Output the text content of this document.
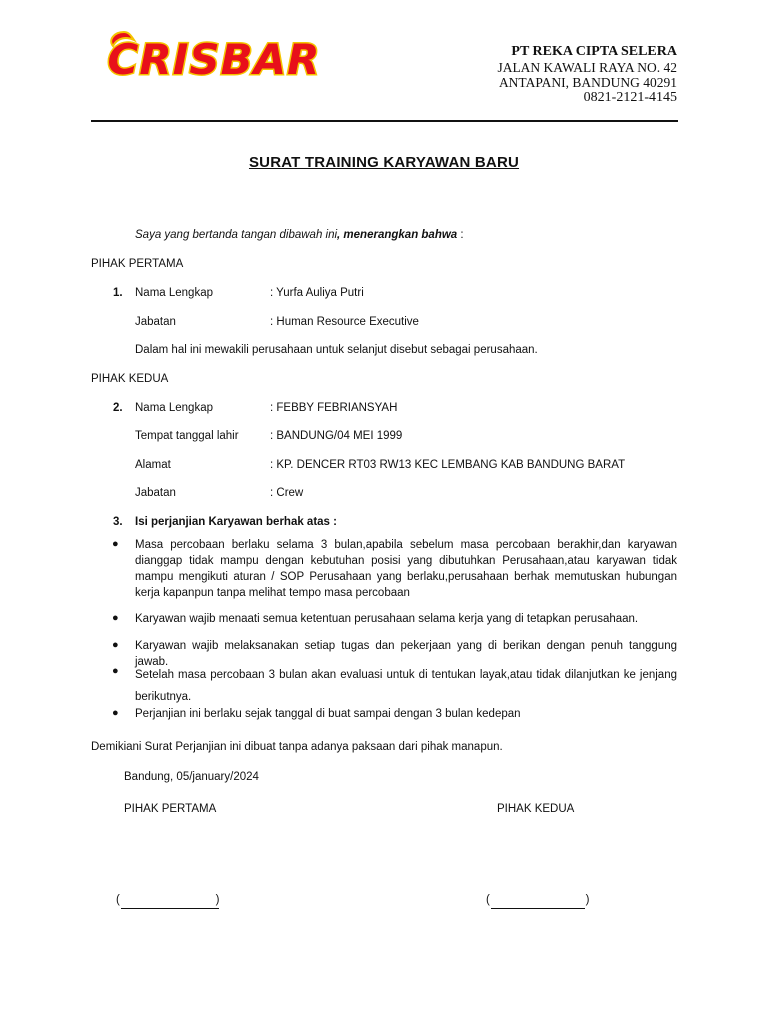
CRISBAR	PT REKA CIPTA SELERA
JALAN KAWALI RAYA NO. 42
ANTAPANI, BANDUNG 40291
0821-2121-4145
SURAT TRAINING KARYAWAN BARU
Saya yang bertanda tangan dibawah ini, menerangkan bahwa :
PIHAK PERTAMA
1. Nama Lengkap	: Yurfa Auliya Putri
Jabatan	: Human Resource Executive
Dalam hal ini mewakili perusahaan untuk selanjut disebut sebagai perusahaan.
PIHAK KEDUA
2. Nama Lengkap	: FEBBY FEBRIANSYAH
Tempat tanggal lahir	: BANDUNG/04 MEI 1999
Alamat	: KP. DENCER RT03 RW13 KEC LEMBANG KAB BANDUNG BARAT
Jabatan	: Crew
3. Isi perjanjian Karyawan berhak atas :
● Masa percobaan berlaku selama 3 bulan,apabila sebelum masa percobaan berakhir,dan karyawan dianggap tidak mampu dengan kebutuhan posisi yang dibutuhkan Perusahaan,atau karyawan tidak mampu mengikuti aturan / SOP Perusahaan yang berlaku,perusahaan berhak memutuskan hubungan kerja kapanpun tanpa melihat tempo masa percobaan
● Karyawan wajib menaati semua ketentuan perusahaan selama kerja yang di tetapkan perusahaan.
● Karyawan wajib melaksanakan setiap tugas dan pekerjaan yang di berikan dengan penuh tanggung jawab.
● Setelah masa percobaan 3 bulan akan evaluasi untuk di tentukan layak,atau tidak dilanjutkan ke jenjang berikutnya.
● Perjanjian ini berlaku sejak tanggal di buat sampai dengan 3 bulan kedepan
Demikiani Surat Perjanjian ini dibuat tanpa adanya paksaan dari pihak manapun.
Bandung, 05/january/2024
PIHAK PERTAMA	PIHAK KEDUA
(                              )	(                              )
